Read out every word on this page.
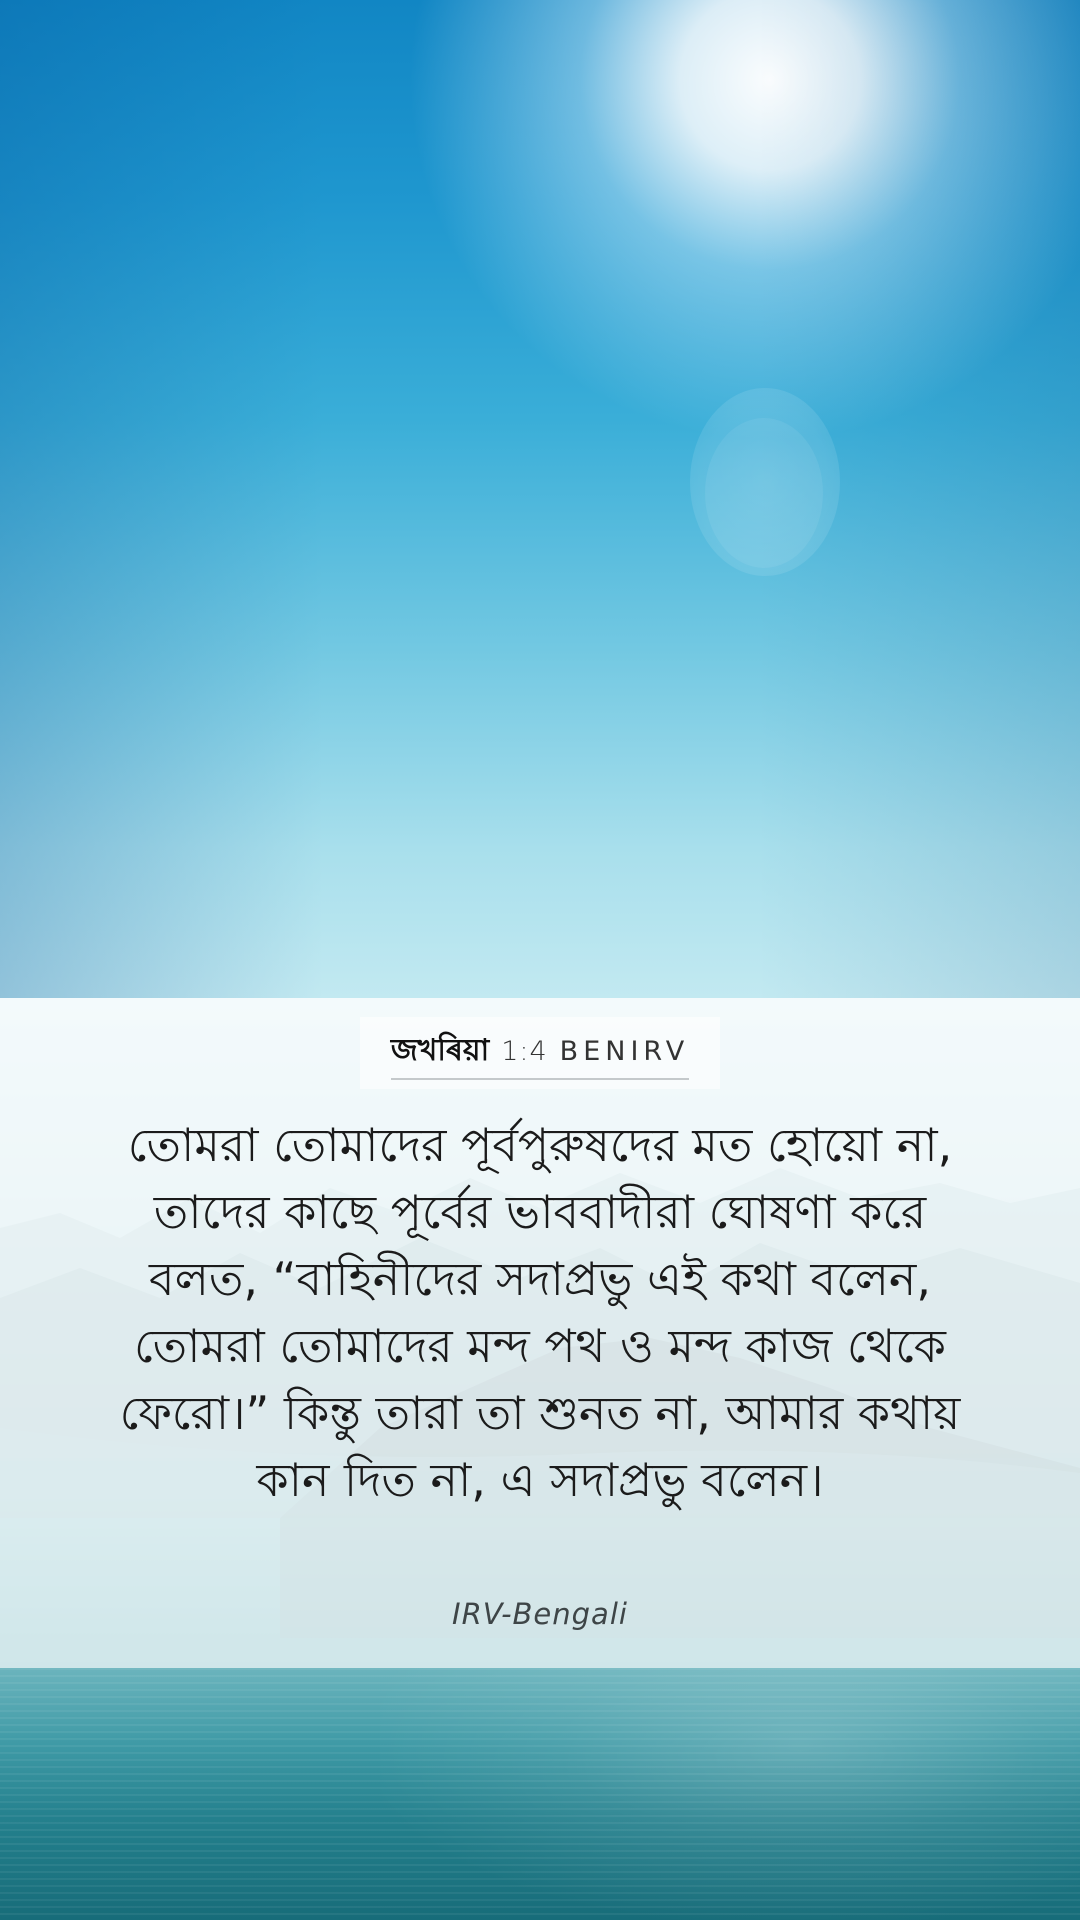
জখৰিয়া 1:4 BENIRV
তোমরা তোমাদের পূর্বপুরুষদের মত হোয়ো না, তাদের কাছে পূর্বের ভাববাদীরা ঘোষণা করে বলত, “বাহিনীদের সদাপ্রভু এই কথা বলেন, তোমরা তোমাদের মন্দ পথ ও মন্দ কাজ থেকে ফেরো।” কিন্তু তারা তা শুনত না, আমার কথায় কান দিত না, এ সদাপ্রভু বলেন।
IRV-Bengali
